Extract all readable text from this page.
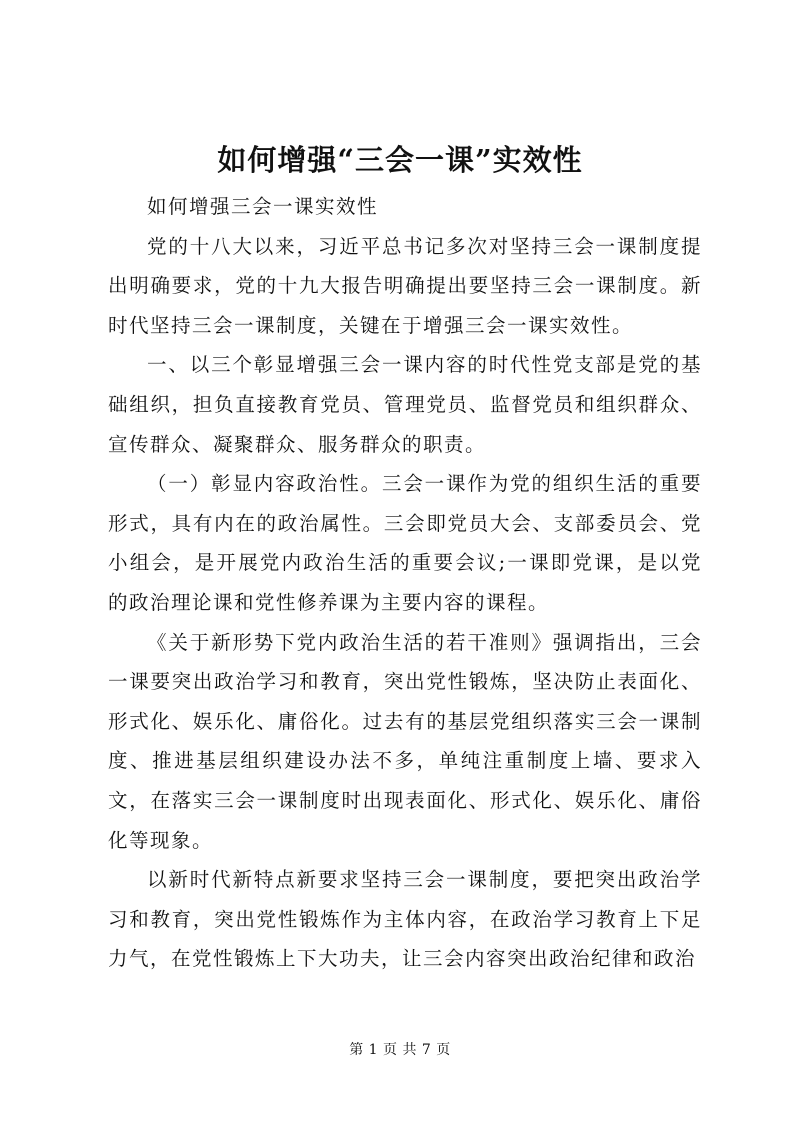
如何增强“三会一课”实效性

如何增强三会一课实效性

党的十八大以来，习近平总书记多次对坚持三会一课制度提出明确要求，党的十九大报告明确提出要坚持三会一课制度。新时代坚持三会一课制度，关键在于增强三会一课实效性。

一、以三个彰显增强三会一课内容的时代性党支部是党的基础组织，担负直接教育党员、管理党员、监督党员和组织群众、宣传群众、凝聚群众、服务群众的职责。

（一）彰显内容政治性。三会一课作为党的组织生活的重要形式，具有内在的政治属性。三会即党员大会、支部委员会、党小组会，是开展党内政治生活的重要会议;一课即党课，是以党的政治理论课和党性修养课为主要内容的课程。

《关于新形势下党内政治生活的若干准则》强调指出，三会一课要突出政治学习和教育，突出党性锻炼，坚决防止表面化、形式化、娱乐化、庸俗化。过去有的基层党组织落实三会一课制度、推进基层组织建设办法不多，单纯注重制度上墙、要求入文，在落实三会一课制度时出现表面化、形式化、娱乐化、庸俗化等现象。

以新时代新特点新要求坚持三会一课制度，要把突出政治学习和教育，突出党性锻炼作为主体内容，在政治学习教育上下足力气，在党性锻炼上下大功夫，让三会内容突出政治纪律和政治

第 1 页 共 7 页
